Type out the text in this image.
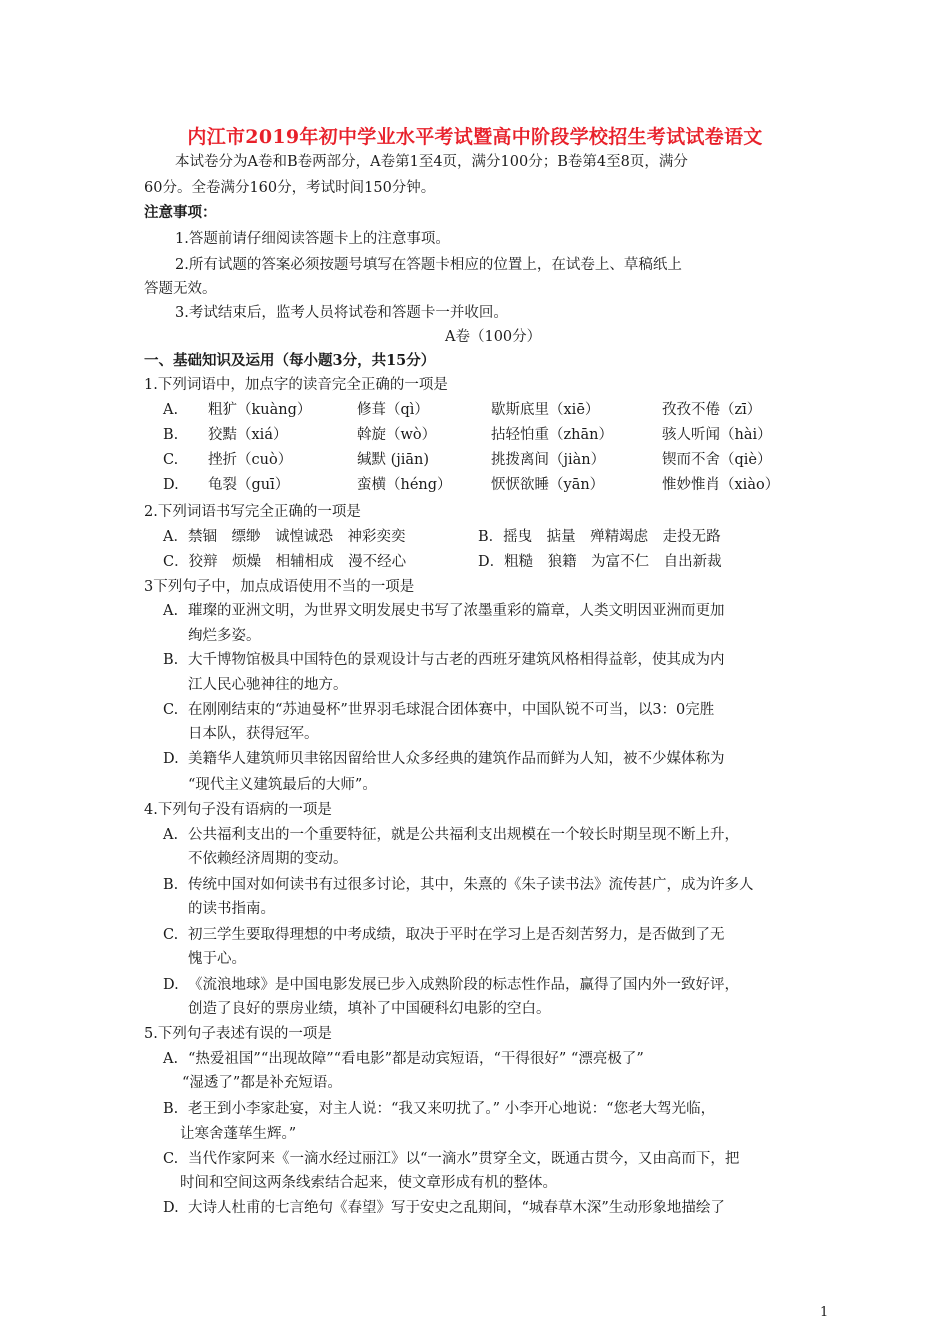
内江市2019年初中学业水平考试暨高中阶段学校招生考试试卷语文
本试卷分为A卷和B卷两部分，A卷第1至4页，满分100分；B卷第4至8页，满分
60分。全卷满分160分，考试时间150分钟。
注意事项：
1.答题前请仔细阅读答题卡上的注意事项。
2.所有试题的答案必须按题号填写在答题卡相应的位置上，在试卷上、草稿纸上
答题无效。
3.考试结束后，监考人员将试卷和答题卡一并收回。
A卷（100分）
一、基础知识及运用（每小题3分，共15分）
1.下列词语中，加点字的读音完全正确的一项是
A. 粗犷（kuàng）	修葺（qì）	歇斯底里（xiē）	孜孜不倦（zī）
B. 狡黠（xiá）	斡旋（wò）	拈轻怕重（zhān）	骇人听闻（hài）
C. 挫折（cuò）	缄默 (jiān)	挑拨离间（jiàn）	锲而不舍（qiè）
D. 龟裂（guī）	蛮横（héng）	恹恹欲睡（yān）	惟妙惟肖（xiào）
2.下列词语书写完全正确的一项是
A．禁锢　缥缈　诚惶诚恐　神彩奕奕	B．摇曳　掂量　殚精竭虑　走投无路
C．狡辩　烦燥　相辅相成　漫不经心	D．粗糙　狼籍　为富不仁　自出新裁
3下列句子中，加点成语使用不当的一项是
A. 璀璨的亚洲文明，为世界文明发展史书写了浓墨重彩的篇章，人类文明因亚洲而更加
绚烂多姿。
B. 大千博物馆极具中国特色的景观设计与古老的西班牙建筑风格相得益彰，使其成为内
江人民心驰神往的地方。
C. 在刚刚结束的“苏迪曼杯”世界羽毛球混合团体赛中，中国队锐不可当，以3：0完胜
日本队，获得冠军。
D. 美籍华人建筑师贝聿铭因留给世人众多经典的建筑作品而鲜为人知，被不少媒体称为
“现代主义建筑最后的大师”。
4.下列句子没有语病的一项是
A. 公共福利支出的一个重要特征，就是公共福利支出规模在一个较长时期呈现不断上升，
不依赖经济周期的变动。
B. 传统中国对如何读书有过很多讨论，其中，朱熹的《朱子读书法》流传甚广，成为许多人
的读书指南。
C. 初三学生要取得理想的中考成绩，取决于平时在学习上是否刻苦努力，是否做到了无
愧于心。
D. 《流浪地球》是中国电影发展已步入成熟阶段的标志性作品，赢得了国内外一致好评，
创造了良好的票房业绩，填补了中国硬科幻电影的空白。
5.下列句子表述有误的一项是
A. “热爱祖国”“出现故障”“看电影”都是动宾短语，“干得很好” “漂亮极了”
“湿透了”都是补充短语。
B. 老王到小李家赴宴，对主人说：“我又来叨扰了。” 小李开心地说：“您老大驾光临，
让寒舍蓬荜生辉。”
C. 当代作家阿来《一滴水经过丽江》以“一滴水”贯穿全文，既通古贯今，又由高而下，把
时间和空间这两条线索结合起来，使文章形成有机的整体。
D. 大诗人杜甫的七言绝句《春望》写于安史之乱期间，“城春草木深”生动形象地描绘了
1
